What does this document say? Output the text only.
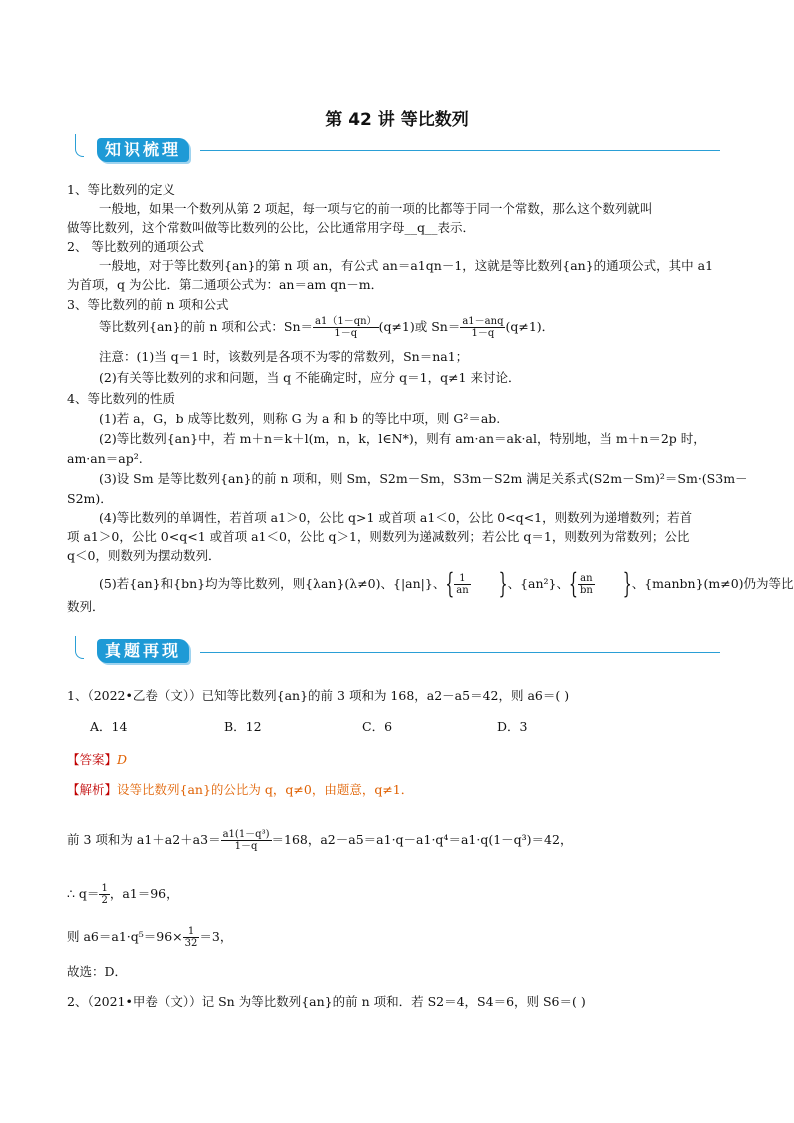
第 42 讲 等比数列
知识梳理
1、等比数列的定义
一般地，如果一个数列从第 2 项起，每一项与它的前一项的比都等于同一个常数，那么这个数列就叫
做等比数列，这个常数叫做等比数列的公比，公比通常用字母__q__表示．
2、 等比数列的通项公式
一般地，对于等比数列{an}的第 n 项 an，有公式 an＝a1qn－1，这就是等比数列{an}的通项公式，其中 a1
为首项，q 为公比．第二通项公式为：an＝am qn－m．
3、等比数列的前 n 项和公式
等比数列{an}的前 n 项和公式：$Sn= \frac{a1(1-qn)}{1-q} (q\ne 1)$或 $Sn= \frac{\text{a1－anq}}{1-q} (q\ne 1)$．
注意：(1)当 q＝1 时，该数列是各项不为零的常数列，Sn＝na1；
(2)有关等比数列的求和问题，当 q 不能确定时，应分 q＝1，q≠1 来讨论．
4、等比数列的性质
(1)若 a，G，b 成等比数列，则称 G 为 a 和 b 的等比中项，则 G²＝ab.
(2)等比数列{an}中，若 m＋n＝k＋l(m，n，k，l∈N*)，则有 am·an＝ak·al，特别地，当 m＋n＝2p 时，
am·an＝ap².
(3)设 Sm 是等比数列{an}的前 n 项和，则 Sm，S2m－Sm，S3m－S2m 满足关系式(S2m－Sm)²＝Sm·(S3m－
S2m)．
(4)等比数列的单调性，若首项 a1＞0，公比 q>1 或首项 a1＜0，公比 0<q<1，则数列为递增数列；若首
项 a1＞0，公比 0<q<1 或首项 a1＜0，公比 q＞1，则数列为递减数列；若公比 q＝1，则数列为常数列；公比
q＜0，则数列为摆动数列．
(5)若{an}和{bn}均为等比数列，则{λan}(λ≠0)、{|an|}、{ $\frac{1}{an}$ }、{an²}、{ $\frac{an}{bn}$ }、{manbn}(m≠0)仍为等比
数列．
真题再现
1、（2022•乙卷（文））已知等比数列{an}的前 3 项和为 168，a2－a5＝42，则 a6＝( )
A．14	B．12	C．6	D．3
【答案】D
【解析】设等比数列{an}的公比为 q，q≠0，由题意，q≠1．
前 3 项和为 $a1+a2+a3= \frac{\text{a1(1－q³)}}{1-q} =168$，a2－a5＝a1·q－a1·q⁴＝a1·q(1－q³)＝42，
∴ $q= \frac{1}{2}$ ，a1＝96，
则 $a6=a1\cdot q^5=96\times \frac{1}{32} =3$，
故选：D．
2、（2021•甲卷（文））记 Sn 为等比数列{an}的前 n 项和．若 S2＝4，S4＝6，则 S6＝( )
